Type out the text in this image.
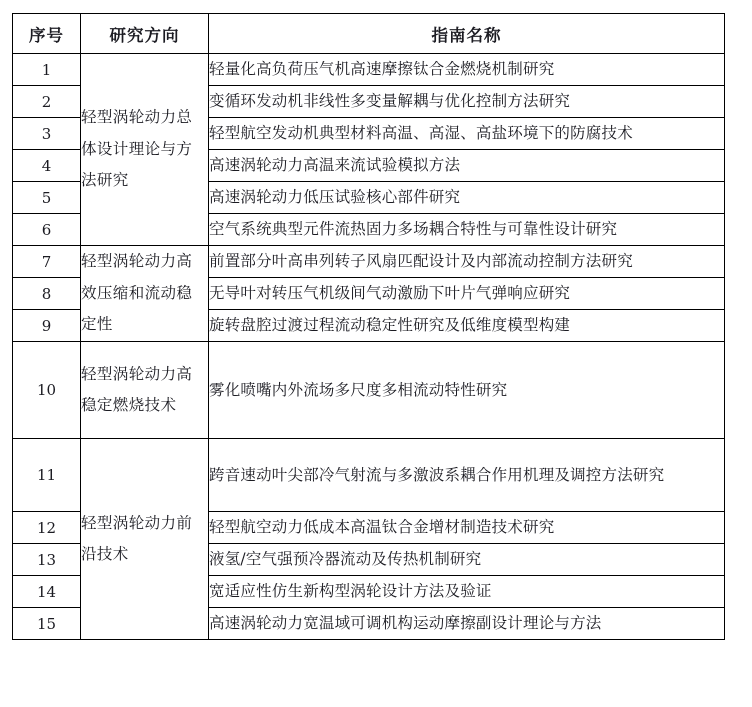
序号	研究方向	指南名称
1	轻型涡轮动力总体设计理论与方法研究	轻量化高负荷压气机高速摩擦钛合金燃烧机制研究
2		变循环发动机非线性多变量解耦与优化控制方法研究
3		轻型航空发动机典型材料高温、高湿、高盐环境下的防腐技术
4		高速涡轮动力高温来流试验模拟方法
5		高速涡轮动力低压试验核心部件研究
6		空气系统典型元件流热固力多场耦合特性与可靠性设计研究
7	轻型涡轮动力高效压缩和流动稳定性	前置部分叶高串列转子风扇匹配设计及内部流动控制方法研究
8		无导叶对转压气机级间气动激励下叶片气弹响应研究
9		旋转盘腔过渡过程流动稳定性研究及低维度模型构建
10	轻型涡轮动力高稳定燃烧技术	雾化喷嘴内外流场多尺度多相流动特性研究
11	轻型涡轮动力前沿技术	跨音速动叶尖部冷气射流与多激波系耦合作用机理及调控方法研究
12		轻型航空动力低成本高温钛合金增材制造技术研究
13		液氢/空气强预冷器流动及传热机制研究
14		宽适应性仿生新构型涡轮设计方法及验证
15		高速涡轮动力宽温域可调机构运动摩擦副设计理论与方法
